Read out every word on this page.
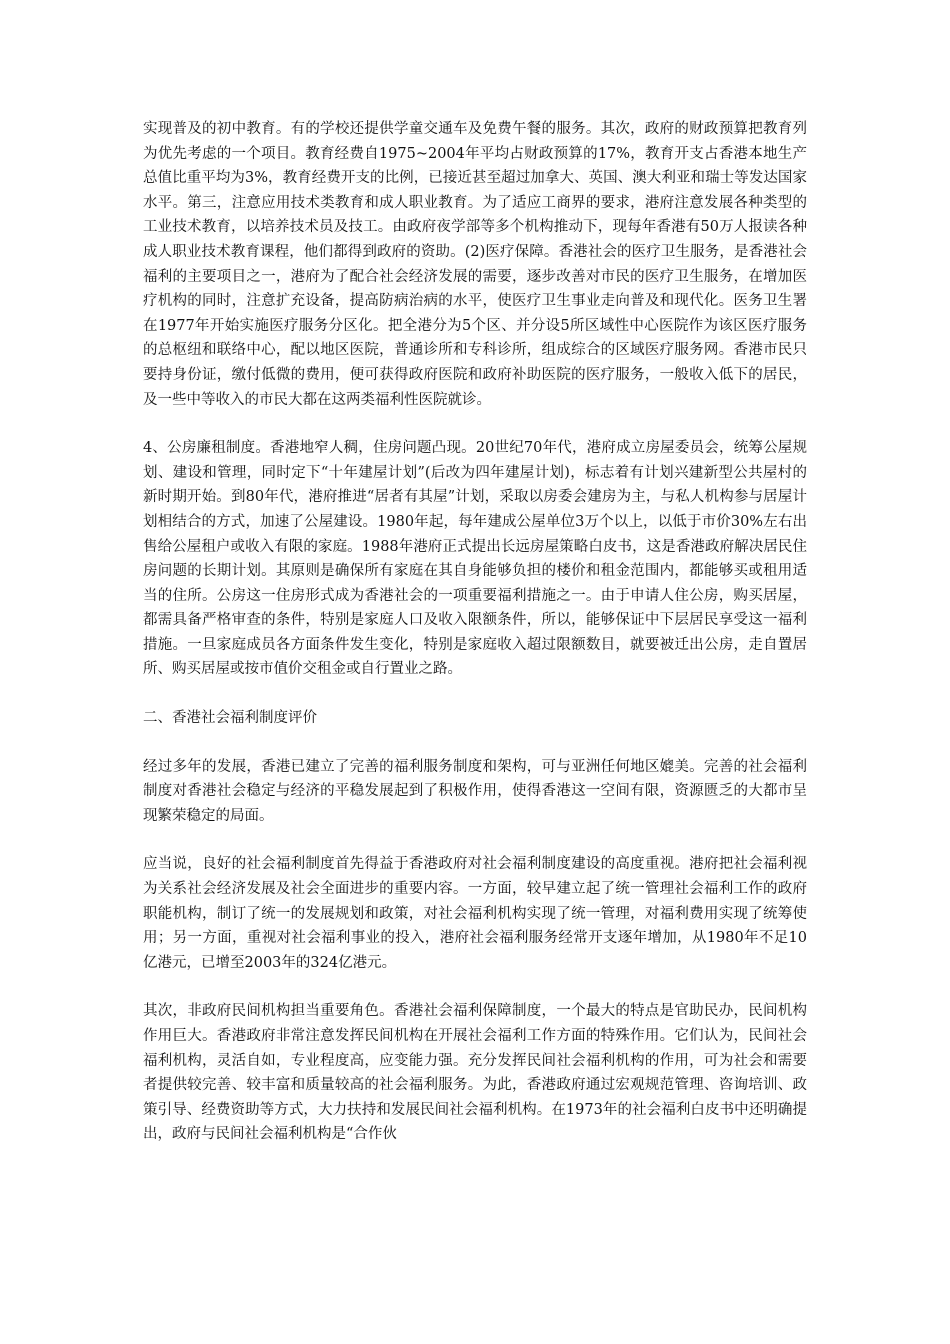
实现普及的初中教育。有的学校还提供学童交通车及免费午餐的服务。其次，政府的财政预算把教育列为优先考虑的一个项目。教育经费自1975~2004年平均占财政预算的17%，教育开支占香港本地生产总值比重平均为3%，教育经费开支的比例，已接近甚至超过加拿大、英国、澳大利亚和瑞士等发达国家水平。第三，注意应用技术类教育和成人职业教育。为了适应工商界的要求，港府注意发展各种类型的工业技术教育，以培养技术员及技工。由政府夜学部等多个机构推动下，现每年香港有50万人报读各种成人职业技术教育课程，他们都得到政府的资助。(2)医疗保障。香港社会的医疗卫生服务，是香港社会福利的主要项目之一，港府为了配合社会经济发展的需要，逐步改善对市民的医疗卫生服务，在增加医疗机构的同时，注意扩充设备，提高防病治病的水平，使医疗卫生事业走向普及和现代化。医务卫生署在1977年开始实施医疗服务分区化。把全港分为5个区、并分设5所区域性中心医院作为该区医疗服务的总枢纽和联络中心，配以地区医院，普通诊所和专科诊所，组成综合的区域医疗服务网。香港市民只要持身份证，缴付低微的费用，便可获得政府医院和政府补助医院的医疗服务，一般收入低下的居民，及一些中等收入的市民大都在这两类福利性医院就诊。

4、公房廉租制度。香港地窄人稠，住房问题凸现。20世纪70年代，港府成立房屋委员会，统筹公屋规划、建设和管理，同时定下“十年建屋计划”(后改为四年建屋计划)，标志着有计划兴建新型公共屋村的新时期开始。到80年代，港府推进“居者有其屋”计划，采取以房委会建房为主，与私人机构参与居屋计划相结合的方式，加速了公屋建设。1980年起，每年建成公屋单位3万个以上，以低于市价30%左右出售给公屋租户或收入有限的家庭。1988年港府正式提出长远房屋策略白皮书，这是香港政府解决居民住房问题的长期计划。其原则是确保所有家庭在其自身能够负担的楼价和租金范围内，都能够买或租用适当的住所。公房这一住房形式成为香港社会的一项重要福利措施之一。由于申请人住公房，购买居屋，都需具备严格审查的条件，特别是家庭人口及收入限额条件，所以，能够保证中下层居民享受这一福利措施。一旦家庭成员各方面条件发生变化，特别是家庭收入超过限额数目，就要被迁出公房，走自置居所、购买居屋或按市值价交租金或自行置业之路。

二、香港社会福利制度评价

经过多年的发展，香港已建立了完善的福利服务制度和架构，可与亚洲任何地区媲美。完善的社会福利制度对香港社会稳定与经济的平稳发展起到了积极作用，使得香港这一空间有限，资源匮乏的大都市呈现繁荣稳定的局面。

应当说，良好的社会福利制度首先得益于香港政府对社会福利制度建设的高度重视。港府把社会福利视为关系社会经济发展及社会全面进步的重要内容。一方面，较早建立起了统一管理社会福利工作的政府职能机构，制订了统一的发展规划和政策，对社会福利机构实现了统一管理，对福利费用实现了统筹使用；另一方面，重视对社会福利事业的投入，港府社会福利服务经常开支逐年增加，从1980年不足10亿港元，已增至2003年的324亿港元。

其次，非政府民间机构担当重要角色。香港社会福利保障制度，一个最大的特点是官助民办，民间机构作用巨大。香港政府非常注意发挥民间机构在开展社会福利工作方面的特殊作用。它们认为，民间社会福利机构，灵活自如，专业程度高，应变能力强。充分发挥民间社会福利机构的作用，可为社会和需要者提供较完善、较丰富和质量较高的社会福利服务。为此，香港政府通过宏观规范管理、咨询培训、政策引导、经费资助等方式，大力扶持和发展民间社会福利机构。在1973年的社会福利白皮书中还明确提出，政府与民间社会福利机构是“合作伙
